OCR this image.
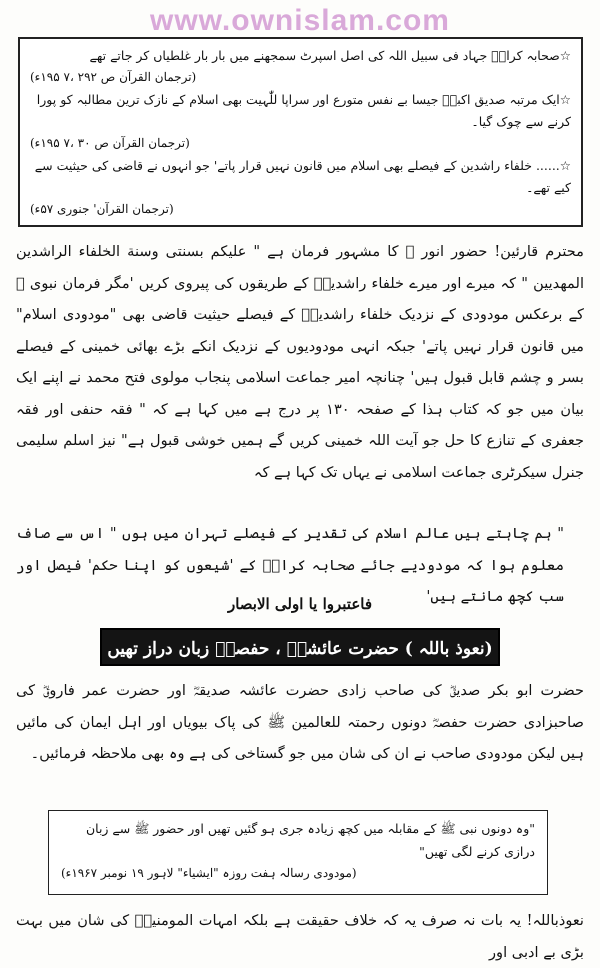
www.ownislam.com

☆صحابہ کرامؓ جہاد فی سبیل اللہ کی اصل اسپرٹ سمجھنے میں بار بار غلطیاں کر جاتے تھے

(ترجمان القرآن ص ۲۹۲ ،۷ ۱۹۵ء)

☆ایک مرتبہ صدیق اکبرؓ جیسا بے نفس متورع اور سراپا للّٰہیت بھی اسلام کے نازک ترین مطالبہ کو پورا کرنے سے چوک گیا۔

(ترجمان القرآن ص ۳۰ ،۷ ۱۹۵ء)

☆...... خلفاء راشدین کے فیصلے بھی اسلام میں قانون نہیں قرار پاتے' جو انہوں نے قاضی کی حیثیت سے کیے تھے۔

(ترجمان القرآن' جنوری ۵۷ء)

محترم قارئین! حضور انور ﷺ کا مشہور فرمان ہے " علیکم بسنتی وسنة الخلفاء الراشدین المھدیین " کہ میرے اور میرے خلفاء راشدینؓ کے طریقوں کی پیروی کریں 'مگر فرمان نبوی ﷺ کے برعکس مودودی کے نزدیک خلفاء راشدینؓ کے فیصلے حیثیت قاضی بھی "مودودی اسلام" میں قانون قرار نہیں پاتے' جبکہ انہی مودودیوں کے نزدیک انکے بڑے بھائی خمینی کے فیصلے بسر و چشم قابل قبول ہیں' چنانچہ امیر جماعت اسلامی پنجاب مولوی فتح محمد نے اپنے ایک بیان میں جو کہ کتاب ہذا کے صفحہ ۱۳۰ پر درج ہے میں کہا ہے کہ " فقہ حنفی اور فقہ جعفری کے تنازع کا حل جو آیت اللہ خمینی کریں گے ہمیں خوشی قبول ہے" نیز اسلم سلیمی جنرل سیکرٹری جماعت اسلامی نے یہاں تک کہا ہے کہ

" ہم چاہتے ہیں عالم اسلام کی تقدیر کے فیصلے تہران میں ہوں " اس سے صاف معلوم ہوا کہ مودودیے جائے صحابہ کرامؓ کے 'شیعوں کو اپنا حکم' فیصل اور سب کچھ مانتے ہیں'

فاعتبروا یا اولی الابصار
(نعوذ باللہ ) حضرت عائشہؓ ، حفصہؓ زبان دراز تھیں

حضرت ابو بکر صدیقؓ کی صاحب زادی حضرت عائشہ صدیقہؓ اور حضرت عمر فاروقؓ کی صاحبزادی حضرت حفصہؓ دونوں رحمتہ للعالمین ﷺ کی پاک بیویاں اور اہل ایمان کی مائیں ہیں لیکن مودودی صاحب نے ان کی شان میں جو گستاخی کی ہے وہ بھی ملاحظہ فرمائیں۔

"وہ دونوں نبی ﷺ کے مقابلہ میں کچھ زیادہ جری ہو گئیں تھیں اور حضور ﷺ سے زبان درازی کرنے لگی تھیں"

(مودودی رسالہ ہفت روزہ "ایشیاء" لاہور ۱۹ نومبر ۱۹۶۷ء)

نعوذباللہ! یہ بات نہ صرف یہ کہ خلاف حقیقت ہے بلکہ امہات المومنینؓ کی شان میں بہت بڑی بے ادبی اور
